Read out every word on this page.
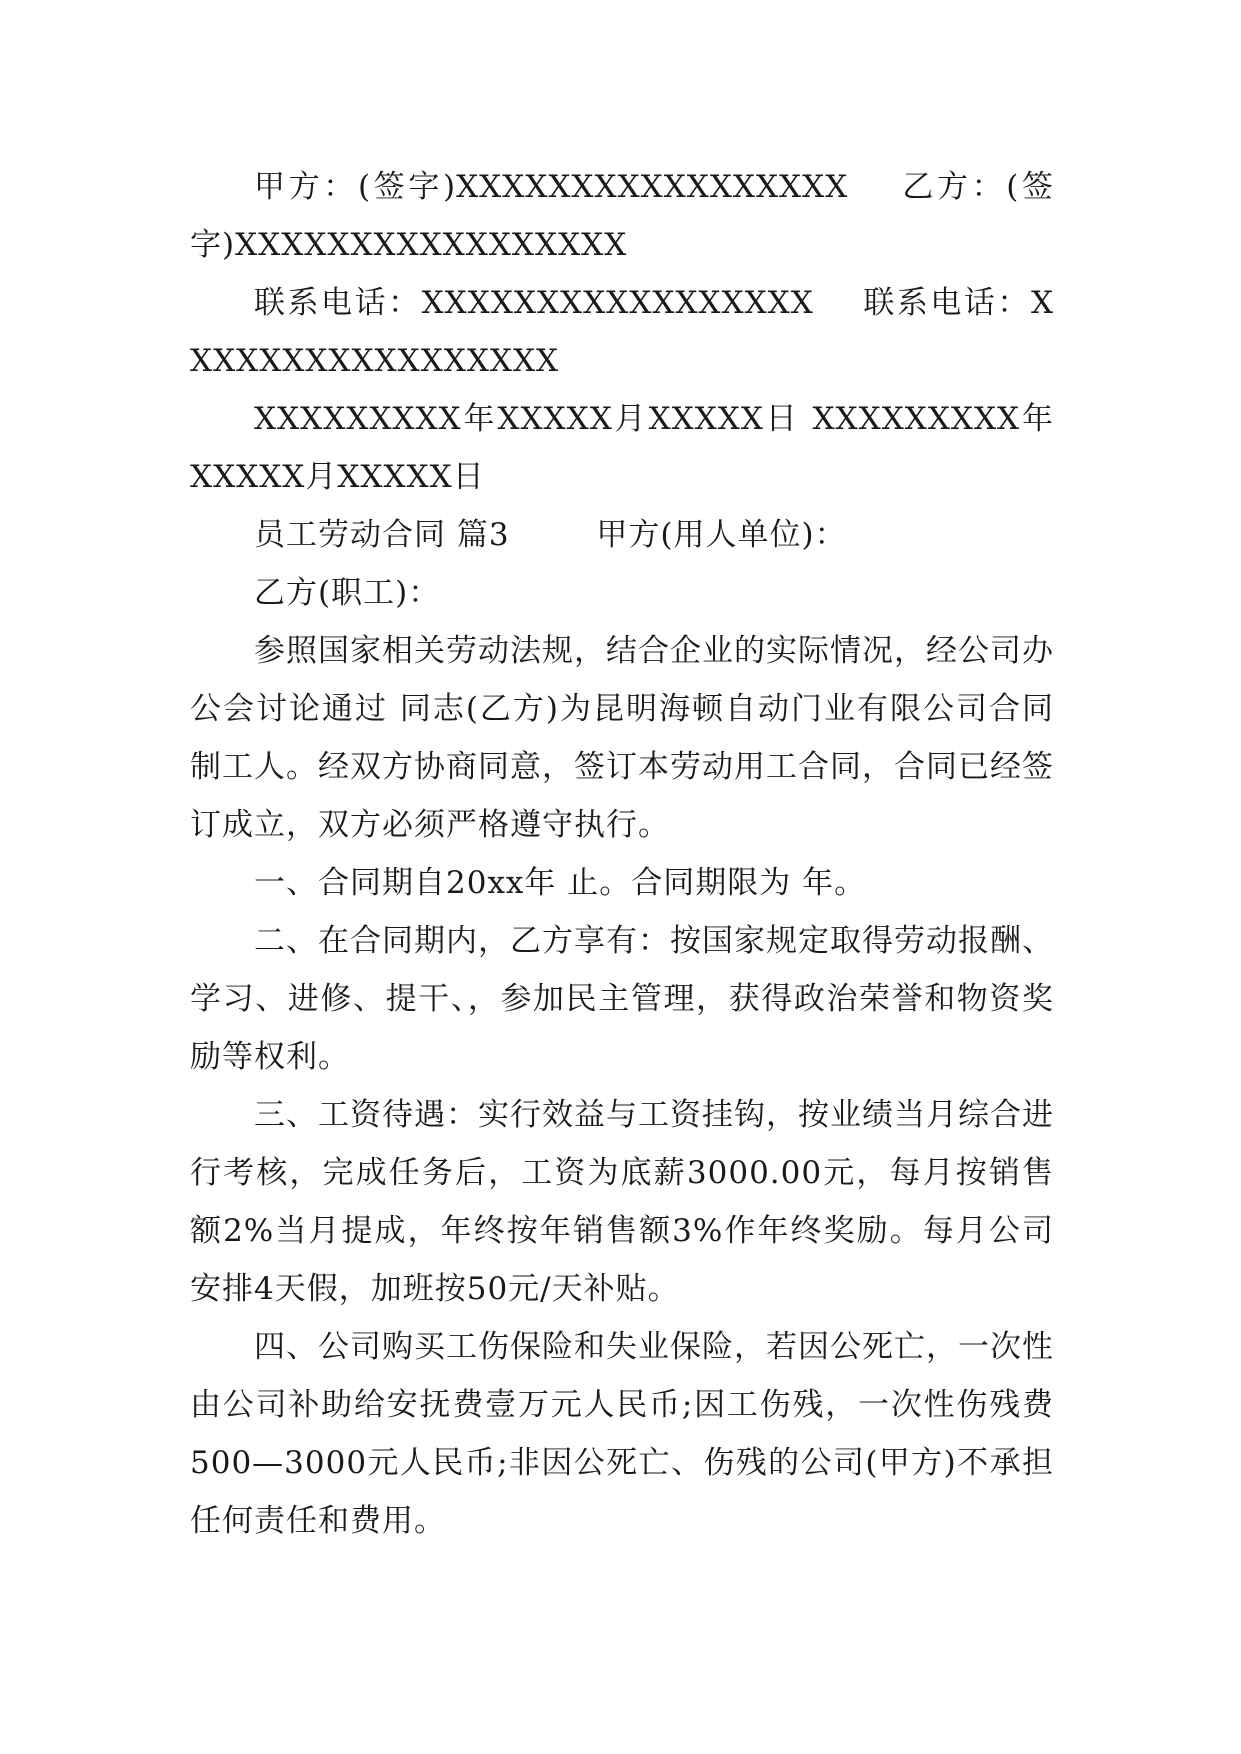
甲方：(签字)XXXXXXXXXXXXXXXXX 乙方：(签字)XXXXXXXXXXXXXXXXX

联系电话：XXXXXXXXXXXXXXXXX 联系电话：XXXXXXXXXXXXXXXXX

XXXXXXXXX年XXXXX月XXXXX日 XXXXXXXXX年XXXXX月XXXXX日

员工劳动合同 篇3	甲方(用人单位)：

乙方(职工)：

参照国家相关劳动法规，结合企业的实际情况，经公司办公会讨论通过 同志(乙方)为昆明海顿自动门业有限公司合同制工人。经双方协商同意，签订本劳动用工合同，合同已经签订成立，双方必须严格遵守执行。

一、合同期自20xx年 止。合同期限为 年。

二、在合同期内，乙方享有：按国家规定取得劳动报酬、学习、进修、提干、，参加民主管理，获得政治荣誉和物资奖励等权利。

三、工资待遇：实行效益与工资挂钩，按业绩当月综合进行考核，完成任务后，工资为底薪3000.00元，每月按销售额2%当月提成，年终按年销售额3%作年终奖励。每月公司安排4天假，加班按50元/天补贴。

四、公司购买工伤保险和失业保险，若因公死亡，一次性由公司补助给安抚费壹万元人民币;因工伤残，一次性伤残费500—3000元人民币;非因公死亡、伤残的公司(甲方)不承担任何责任和费用。
